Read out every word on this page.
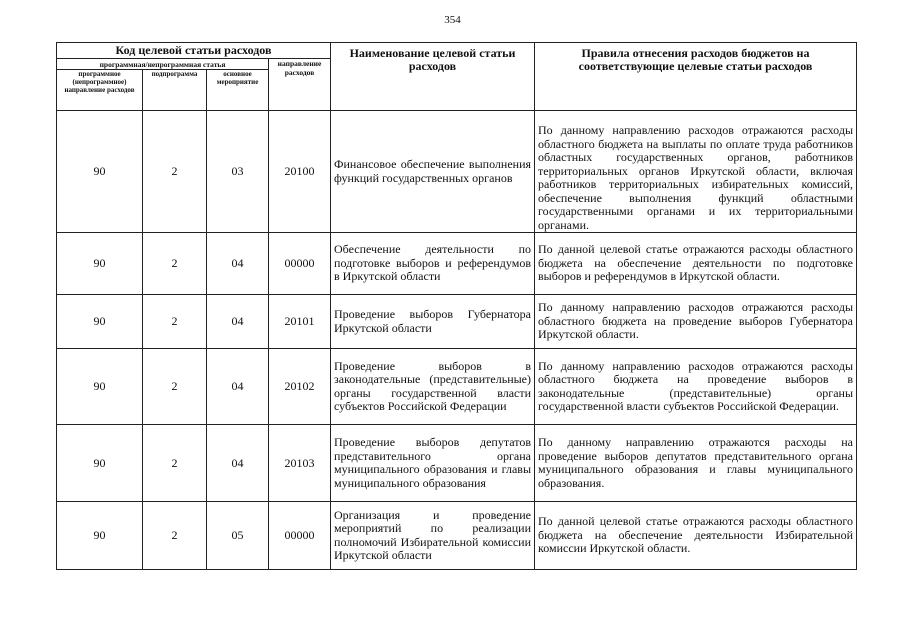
354
Код целевой статьи расходов				Наименование целевой статьи расходов	Правила отнесения расходов бюджетов на соответствующие целевые статьи расходов
программная/непрограммная статья			направление расходов		
программное (непрограммное) направление расходов	подпрограмма	основное мероприятие			
90	2	03	20100	Финансовое обеспечение выполнения функций государственных органов	По данному направлению расходов отражаются расходы областного бюджета на выплаты по оплате труда работников областных государственных органов, работников территориальных органов Иркутской области, включая работников территориальных избирательных комиссий, обеспечение выполнения функций областными государственными органами и их территориальными органами.
90	2	04	00000	Обеспечение деятельности по подготовке выборов и референдумов в Иркутской области	По данной целевой статье отражаются расходы областного бюджета на обеспечение деятельности по подготовке выборов и референдумов в Иркутской области.
90	2	04	20101	Проведение выборов Губернатора Иркутской области	По данному направлению расходов отражаются расходы областного бюджета на проведение выборов Губернатора Иркутской области.
90	2	04	20102	Проведение выборов в законодательные (представительные) органы государственной власти субъектов Российской Федерации	По данному направлению расходов отражаются расходы областного бюджета на проведение выборов в законодательные (представительные) органы государственной власти субъектов Российской Федерации.
90	2	04	20103	Проведение выборов депутатов представительного органа муниципального образования и главы муниципального образования	По данному направлению отражаются расходы на проведение выборов депутатов представительного органа муниципального образования и главы муниципального образования.
90	2	05	00000	Организация и проведение мероприятий по реализации полномочий Избирательной комиссии Иркутской области	По данной целевой статье отражаются расходы областного бюджета на обеспечение деятельности Избирательной комиссии Иркутской области.
